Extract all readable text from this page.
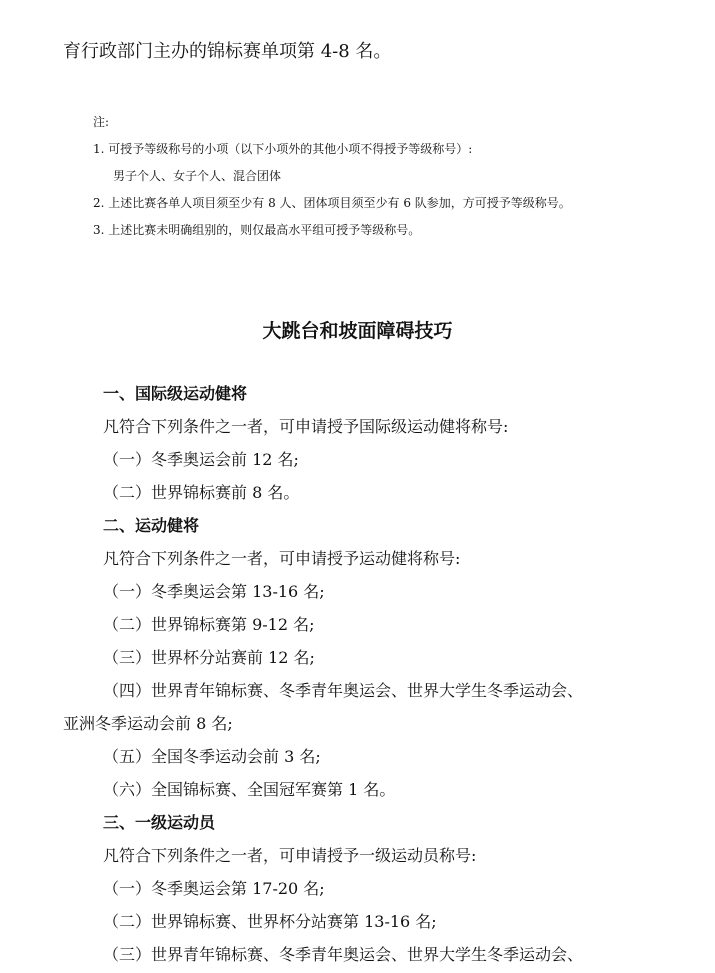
育行政部门主办的锦标赛单项第 4-8 名。
注:
1. 可授予等级称号的小项（以下小项外的其他小项不得授予等级称号）:
男子个人、女子个人、混合团体
2. 上述比赛各单人项目须至少有 8 人、团体项目须至少有 6 队参加，方可授予等级称号。
3. 上述比赛未明确组别的，则仅最高水平组可授予等级称号。
大跳台和坡面障碍技巧
一、国际级运动健将
凡符合下列条件之一者，可申请授予国际级运动健将称号:
（一）冬季奥运会前 12 名;
（二）世界锦标赛前 8 名。
二、运动健将
凡符合下列条件之一者，可申请授予运动健将称号:
（一）冬季奥运会第 13-16 名;
（二）世界锦标赛第 9-12 名;
（三）世界杯分站赛前 12 名;
（四）世界青年锦标赛、冬季青年奥运会、世界大学生冬季运动会、
亚洲冬季运动会前 8 名;
（五）全国冬季运动会前 3 名;
（六）全国锦标赛、全国冠军赛第 1 名。
三、一级运动员
凡符合下列条件之一者，可申请授予一级运动员称号:
（一）冬季奥运会第 17-20 名;
（二）世界锦标赛、世界杯分站赛第 13-16 名;
（三）世界青年锦标赛、冬季青年奥运会、世界大学生冬季运动会、
